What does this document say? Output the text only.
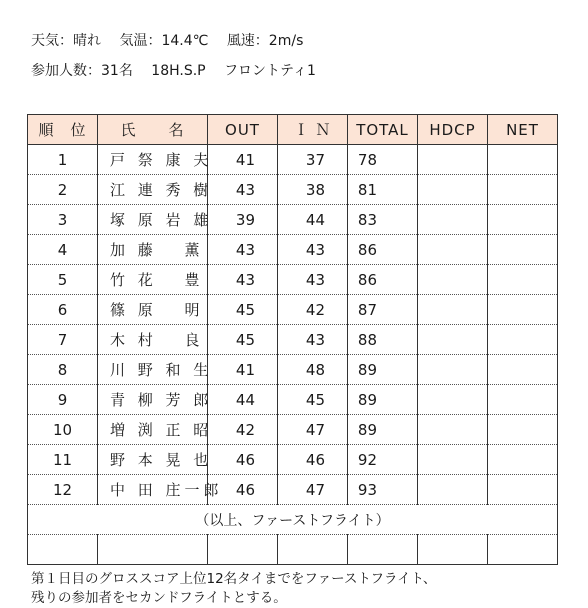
天気：晴れ 気温：14.4℃ 風速：2m/s
参加人数：31名 18H.S.P フロントティ1
順　位	氏　　名	OUT	Ｉ Ｎ	TOTAL	HDCP	NET
1	戸 祭 康 夫	41	37	78		
2	江 連 秀 樹	43	38	81		
3	塚 原 岩 雄	39	44	83		
4	加 藤　 薫	43	43	86		
5	竹 花　 豊	43	43	86		
6	篠 原　 明	45	42	87		
7	木 村　 良	45	43	88		
8	川 野 和 生	41	48	89		
9	青 柳 芳 郎	44	45	89		
10	増 渕 正 昭	42	47	89		
11	野 本 晃 也	46	46	92		
12	中 田 庄一郎	46	47	93		
（以上、ファーストフライト）						

第１日目のグロススコア上位12名タイまでをファーストフライト、
残りの参加者をセカンドフライトとする。
